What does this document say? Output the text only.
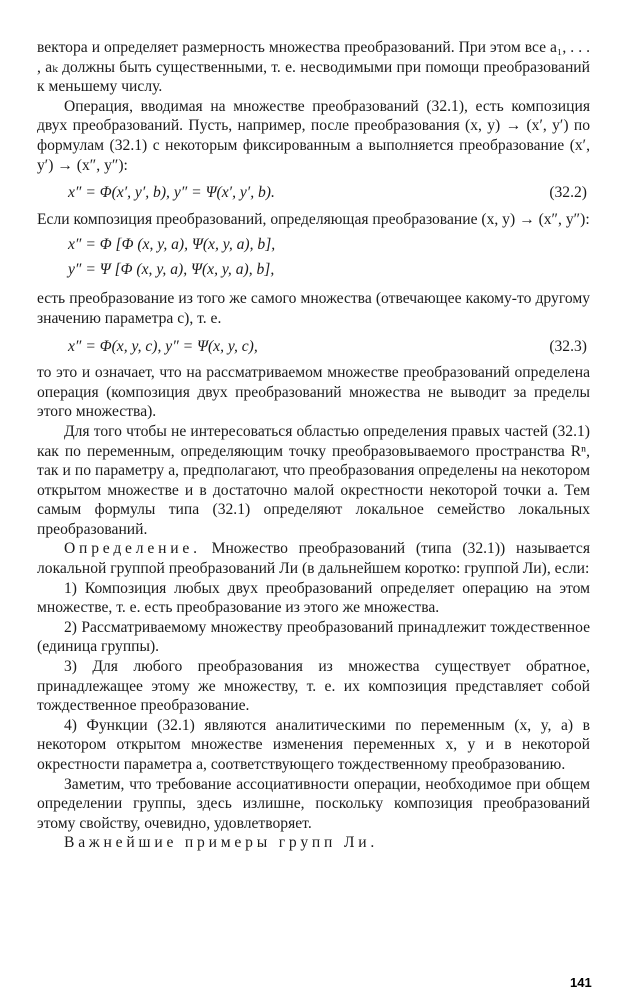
вектора и определяет размерность множества преобразований. При этом все a₁, . . . , aₖ должны быть существенными, т. е. несводимыми при помощи преобразований к меньшему числу.

Операция, вводимая на множестве преобразований (32.1), есть композиция двух преобразований. Пусть, например, после преобразования (x, y) → (x′, y′) по формулам (32.1) с некоторым фиксированным a выполняется преобразование (x′, y′) → (x″, y″):

x″ = Φ(x′, y′, b), y″ = Ψ(x′, y′, b).	(32.2)

Если композиция преобразований, определяющая преобразование (x, y) → (x″, y″):

x″ = Φ [Φ (x, y, a), Ψ(x, y, a), b],
y″ = Ψ [Φ (x, y, a), Ψ(x, y, a), b],

есть преобразование из того же самого множества (отвечающее какому-то другому значению параметра c), т. е.

x″ = Φ(x, y, c), y″ = Ψ(x, y, c),	(32.3)

то это и означает, что на рассматриваемом множестве преобразований определена операция (композиция двух преобразований множества не выводит за пределы этого множества).

Для того чтобы не интересоваться областью определения правых частей (32.1) как по переменным, определяющим точку преобразовываемого пространства Rⁿ, так и по параметру a, предполагают, что преобразования определены на некотором открытом множестве и в достаточно малой окрестности некоторой точки a. Тем самым формулы типа (32.1) определяют локальное семейство локальных преобразований.

Определение. Множество преобразований (типа (32.1)) называется локальной группой преобразований Ли (в дальнейшем коротко: группой Ли), если:

1) Композиция любых двух преобразований определяет операцию на этом множестве, т. е. есть преобразование из этого же множества.

2) Рассматриваемому множеству преобразований принадлежит тождественное (единица группы).

3) Для любого преобразования из множества существует обратное, принадлежащее этому же множеству, т. е. их композиция представляет собой тождественное преобразование.

4) Функции (32.1) являются аналитическими по переменным (x, y, a) в некотором открытом множестве изменения переменных x, y и в некоторой окрестности параметра a, соответствующего тождественному преобразованию.

Заметим, что требование ассоциативности операции, необходимое при общем определении группы, здесь излишне, поскольку композиция преобразований этому свойству, очевидно, удовлетворяет.

Важнейшие примеры групп Ли.

141
